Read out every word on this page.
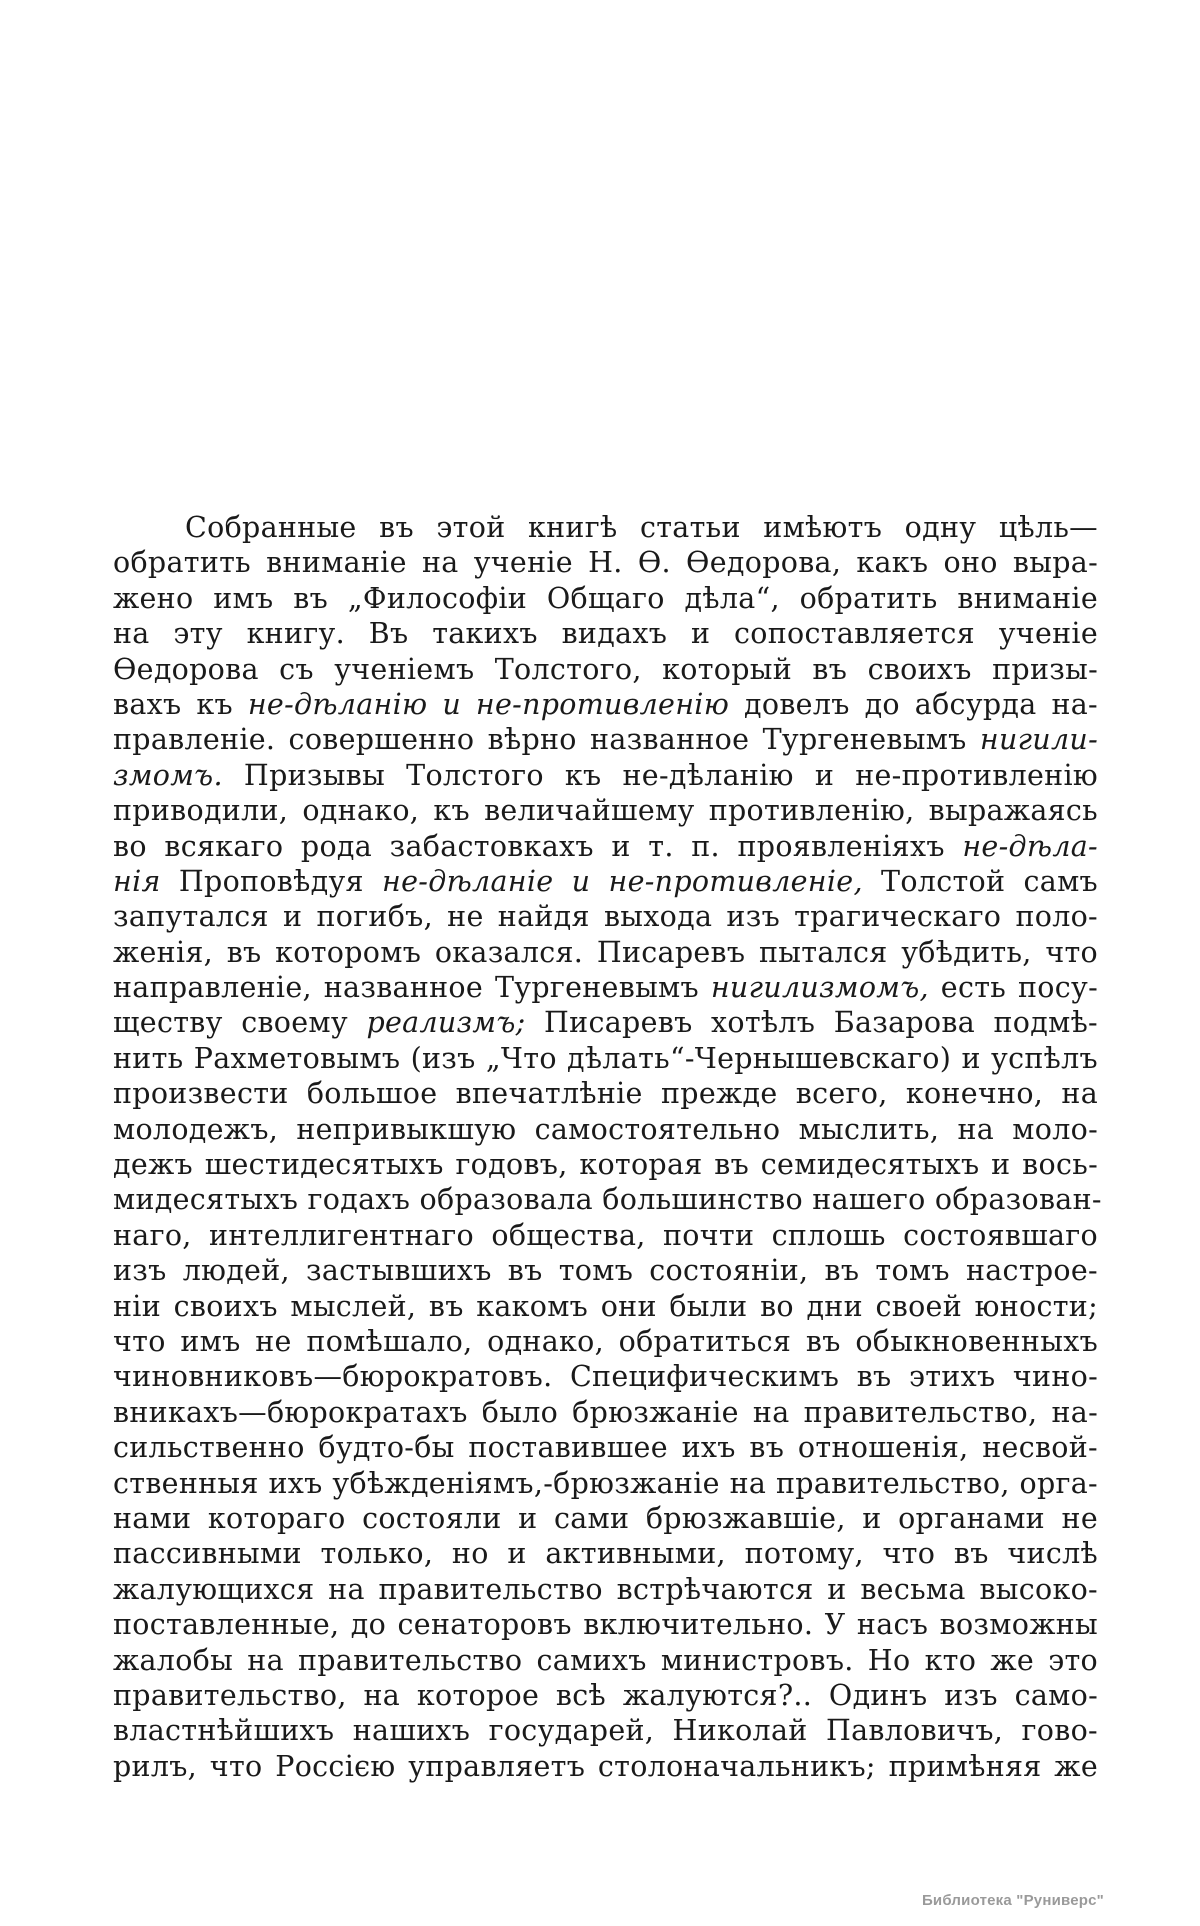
Собранные въ этой книгѣ статьи имѣютъ одну цѣль—
обратить вниманіе на ученіе Н. Ѳ. Ѳедорова, какъ оно выра-
жено имъ въ „Философіи Общаго дѣла“, обратить вниманіе
на эту книгу. Въ такихъ видахъ и сопоставляется ученіе
Ѳедорова съ ученіемъ Толстого, который въ своихъ призы-
вахъ къ не-дѣланію и не-противленію довелъ до абсурда на-
правленіе. совершенно вѣрно названное Тургеневымъ нигили-
змомъ. Призывы Толстого къ не-дѣланію и не-противленію
приводили, однако, къ величайшему противленію, выражаясь
во всякаго рода забастовкахъ и т. п. проявленіяхъ не-дѣла-
нія Проповѣдуя не-дѣланіе и не-противленіе, Толстой самъ
запутался и погибъ, не найдя выхода изъ трагическаго поло-
женія, въ которомъ оказался. Писаревъ пытался убѣдить, что
направленіе, названное Тургеневымъ нигилизмомъ, есть посу-
ществу своему реализмъ; Писаревъ хотѣлъ Базарова подмѣ-
нить Рахметовымъ (изъ „Что дѣлать“-Чернышевскаго) и успѣлъ
произвести большое впечатлѣніе прежде всего, конечно, на
молодежъ, непривыкшую самостоятельно мыслить, на моло-
дежъ шестидесятыхъ годовъ, которая въ семидесятыхъ и вось-
мидесятыхъ годахъ образовала большинство нашего образован-
наго, интеллигентнаго общества, почти сплошь состоявшаго
изъ людей, застывшихъ въ томъ состояніи, въ томъ настрое-
ніи своихъ мыслей, въ какомъ они были во дни своей юности;
что имъ не помѣшало, однако, обратиться въ обыкновенныхъ
чиновниковъ—бюрократовъ. Специфическимъ въ этихъ чино-
вникахъ—бюрократахъ было брюзжаніе на правительство, на-
сильственно будто-бы поставившее ихъ въ отношенія, несвой-
ственныя ихъ убѣжденіямъ,-брюзжаніе на правительство, орга-
нами котораго состояли и сами брюзжавшіе, и органами не
пассивными только, но и активными, потому, что въ числѣ
жалующихся на правительство встрѣчаются и весьма высоко-
поставленные, до сенаторовъ включительно. У насъ возможны
жалобы на правительство самихъ министровъ. Но кто же это
правительство, на которое всѣ жалуются?.. Одинъ изъ само-
властнѣйшихъ нашихъ государей, Николай Павловичъ, гово-
рилъ, что Россією управляетъ столоначальникъ; примѣняя же
Библиотека "Руниверс"
